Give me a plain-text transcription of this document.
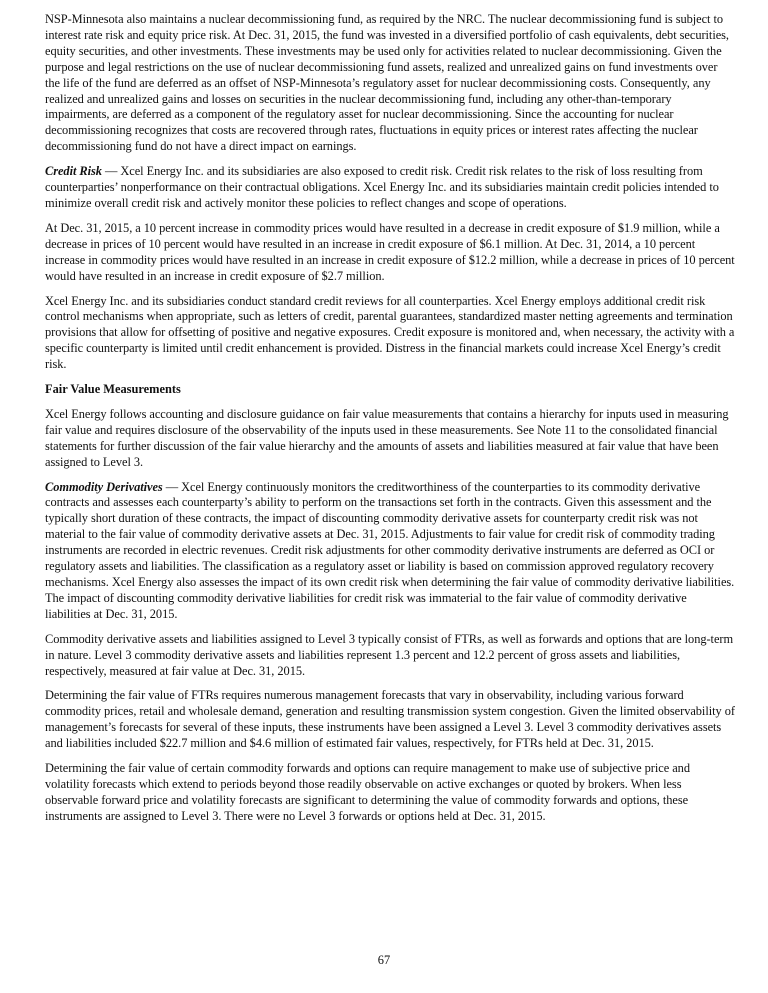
NSP-Minnesota also maintains a nuclear decommissioning fund, as required by the NRC. The nuclear decommissioning fund is subject to interest rate risk and equity price risk. At Dec. 31, 2015, the fund was invested in a diversified portfolio of cash equivalents, debt securities, equity securities, and other investments. These investments may be used only for activities related to nuclear decommissioning. Given the purpose and legal restrictions on the use of nuclear decommissioning fund assets, realized and unrealized gains on fund investments over the life of the fund are deferred as an offset of NSP-Minnesota’s regulatory asset for nuclear decommissioning costs. Consequently, any realized and unrealized gains and losses on securities in the nuclear decommissioning fund, including any other-than-temporary impairments, are deferred as a component of the regulatory asset for nuclear decommissioning. Since the accounting for nuclear decommissioning recognizes that costs are recovered through rates, fluctuations in equity prices or interest rates affecting the nuclear decommissioning fund do not have a direct impact on earnings.

Credit Risk — Xcel Energy Inc. and its subsidiaries are also exposed to credit risk. Credit risk relates to the risk of loss resulting from counterparties’ nonperformance on their contractual obligations. Xcel Energy Inc. and its subsidiaries maintain credit policies intended to minimize overall credit risk and actively monitor these policies to reflect changes and scope of operations.

At Dec. 31, 2015, a 10 percent increase in commodity prices would have resulted in a decrease in credit exposure of $1.9 million, while a decrease in prices of 10 percent would have resulted in an increase in credit exposure of $6.1 million. At Dec. 31, 2014, a 10 percent increase in commodity prices would have resulted in an increase in credit exposure of $12.2 million, while a decrease in prices of 10 percent would have resulted in an increase in credit exposure of $2.7 million.

Xcel Energy Inc. and its subsidiaries conduct standard credit reviews for all counterparties. Xcel Energy employs additional credit risk control mechanisms when appropriate, such as letters of credit, parental guarantees, standardized master netting agreements and termination provisions that allow for offsetting of positive and negative exposures. Credit exposure is monitored and, when necessary, the activity with a specific counterparty is limited until credit enhancement is provided. Distress in the financial markets could increase Xcel Energy’s credit risk.

Fair Value Measurements

Xcel Energy follows accounting and disclosure guidance on fair value measurements that contains a hierarchy for inputs used in measuring fair value and requires disclosure of the observability of the inputs used in these measurements. See Note 11 to the consolidated financial statements for further discussion of the fair value hierarchy and the amounts of assets and liabilities measured at fair value that have been assigned to Level 3.

Commodity Derivatives — Xcel Energy continuously monitors the creditworthiness of the counterparties to its commodity derivative contracts and assesses each counterparty’s ability to perform on the transactions set forth in the contracts. Given this assessment and the typically short duration of these contracts, the impact of discounting commodity derivative assets for counterparty credit risk was not material to the fair value of commodity derivative assets at Dec. 31, 2015. Adjustments to fair value for credit risk of commodity trading instruments are recorded in electric revenues. Credit risk adjustments for other commodity derivative instruments are deferred as OCI or regulatory assets and liabilities. The classification as a regulatory asset or liability is based on commission approved regulatory recovery mechanisms. Xcel Energy also assesses the impact of its own credit risk when determining the fair value of commodity derivative liabilities. The impact of discounting commodity derivative liabilities for credit risk was immaterial to the fair value of commodity derivative liabilities at Dec. 31, 2015.

Commodity derivative assets and liabilities assigned to Level 3 typically consist of FTRs, as well as forwards and options that are long-term in nature. Level 3 commodity derivative assets and liabilities represent 1.3 percent and 12.2 percent of gross assets and liabilities, respectively, measured at fair value at Dec. 31, 2015.

Determining the fair value of FTRs requires numerous management forecasts that vary in observability, including various forward commodity prices, retail and wholesale demand, generation and resulting transmission system congestion. Given the limited observability of management’s forecasts for several of these inputs, these instruments have been assigned a Level 3. Level 3 commodity derivatives assets and liabilities included $22.7 million and $4.6 million of estimated fair values, respectively, for FTRs held at Dec. 31, 2015.

Determining the fair value of certain commodity forwards and options can require management to make use of subjective price and volatility forecasts which extend to periods beyond those readily observable on active exchanges or quoted by brokers. When less observable forward price and volatility forecasts are significant to determining the value of commodity forwards and options, these instruments are assigned to Level 3. There were no Level 3 forwards or options held at Dec. 31, 2015.

67
